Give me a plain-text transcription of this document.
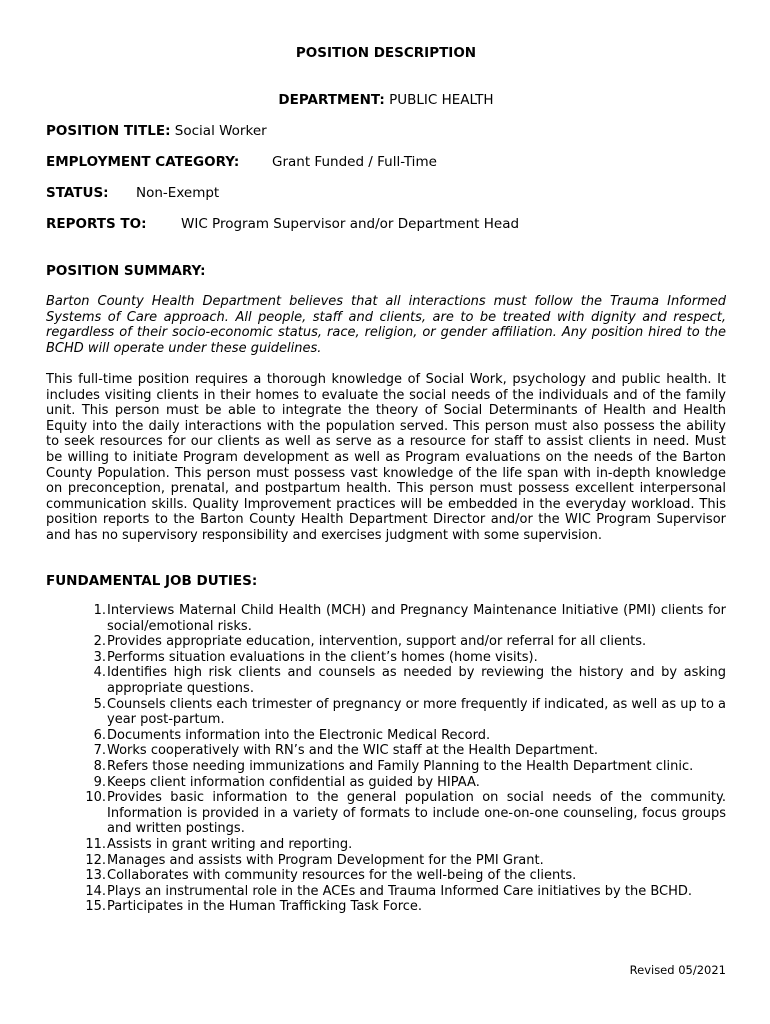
POSITION DESCRIPTION
DEPARTMENT: PUBLIC HEALTH
POSITION TITLE: Social Worker
EMPLOYMENT CATEGORY: Grant Funded / Full-Time
STATUS: Non-Exempt
REPORTS TO:	WIC Program Supervisor and/or Department Head
POSITION SUMMARY:

Barton County Health Department believes that all interactions must follow the Trauma Informed Systems of Care approach. All people, staff and clients, are to be treated with dignity and respect, regardless of their socio-economic status, race, religion, or gender affiliation. Any position hired to the BCHD will operate under these guidelines.

This full-time position requires a thorough knowledge of Social Work, psychology and public health. It includes visiting clients in their homes to evaluate the social needs of the individuals and of the family unit. This person must be able to integrate the theory of Social Determinants of Health and Health Equity into the daily interactions with the population served. This person must also possess the ability to seek resources for our clients as well as serve as a resource for staff to assist clients in need. Must be willing to initiate Program development as well as Program evaluations on the needs of the Barton County Population. This person must possess vast knowledge of the life span with in-depth knowledge on preconception, prenatal, and postpartum health. This person must possess excellent interpersonal communication skills. Quality Improvement practices will be embedded in the everyday workload. This position reports to the Barton County Health Department Director and/or the WIC Program Supervisor and has no supervisory responsibility and exercises judgment with some supervision.

FUNDAMENTAL JOB DUTIES:
1. Interviews Maternal Child Health (MCH) and Pregnancy Maintenance Initiative (PMI) clients for social/emotional risks.
2. Provides appropriate education, intervention, support and/or referral for all clients.
3. Performs situation evaluations in the client’s homes (home visits).
4. Identifies high risk clients and counsels as needed by reviewing the history and by asking appropriate questions.
5. Counsels clients each trimester of pregnancy or more frequently if indicated, as well as up to a year post-partum.
6. Documents information into the Electronic Medical Record.
7. Works cooperatively with RN’s and the WIC staff at the Health Department.
8. Refers those needing immunizations and Family Planning to the Health Department clinic.
9. Keeps client information confidential as guided by HIPAA.
10. Provides basic information to the general population on social needs of the community. Information is provided in a variety of formats to include one-on-one counseling, focus groups and written postings.
11. Assists in grant writing and reporting.
12. Manages and assists with Program Development for the PMI Grant.
13. Collaborates with community resources for the well-being of the clients.
14. Plays an instrumental role in the ACEs and Trauma Informed Care initiatives by the BCHD.
15. Participates in the Human Trafficking Task Force.
Revised 05/2021
